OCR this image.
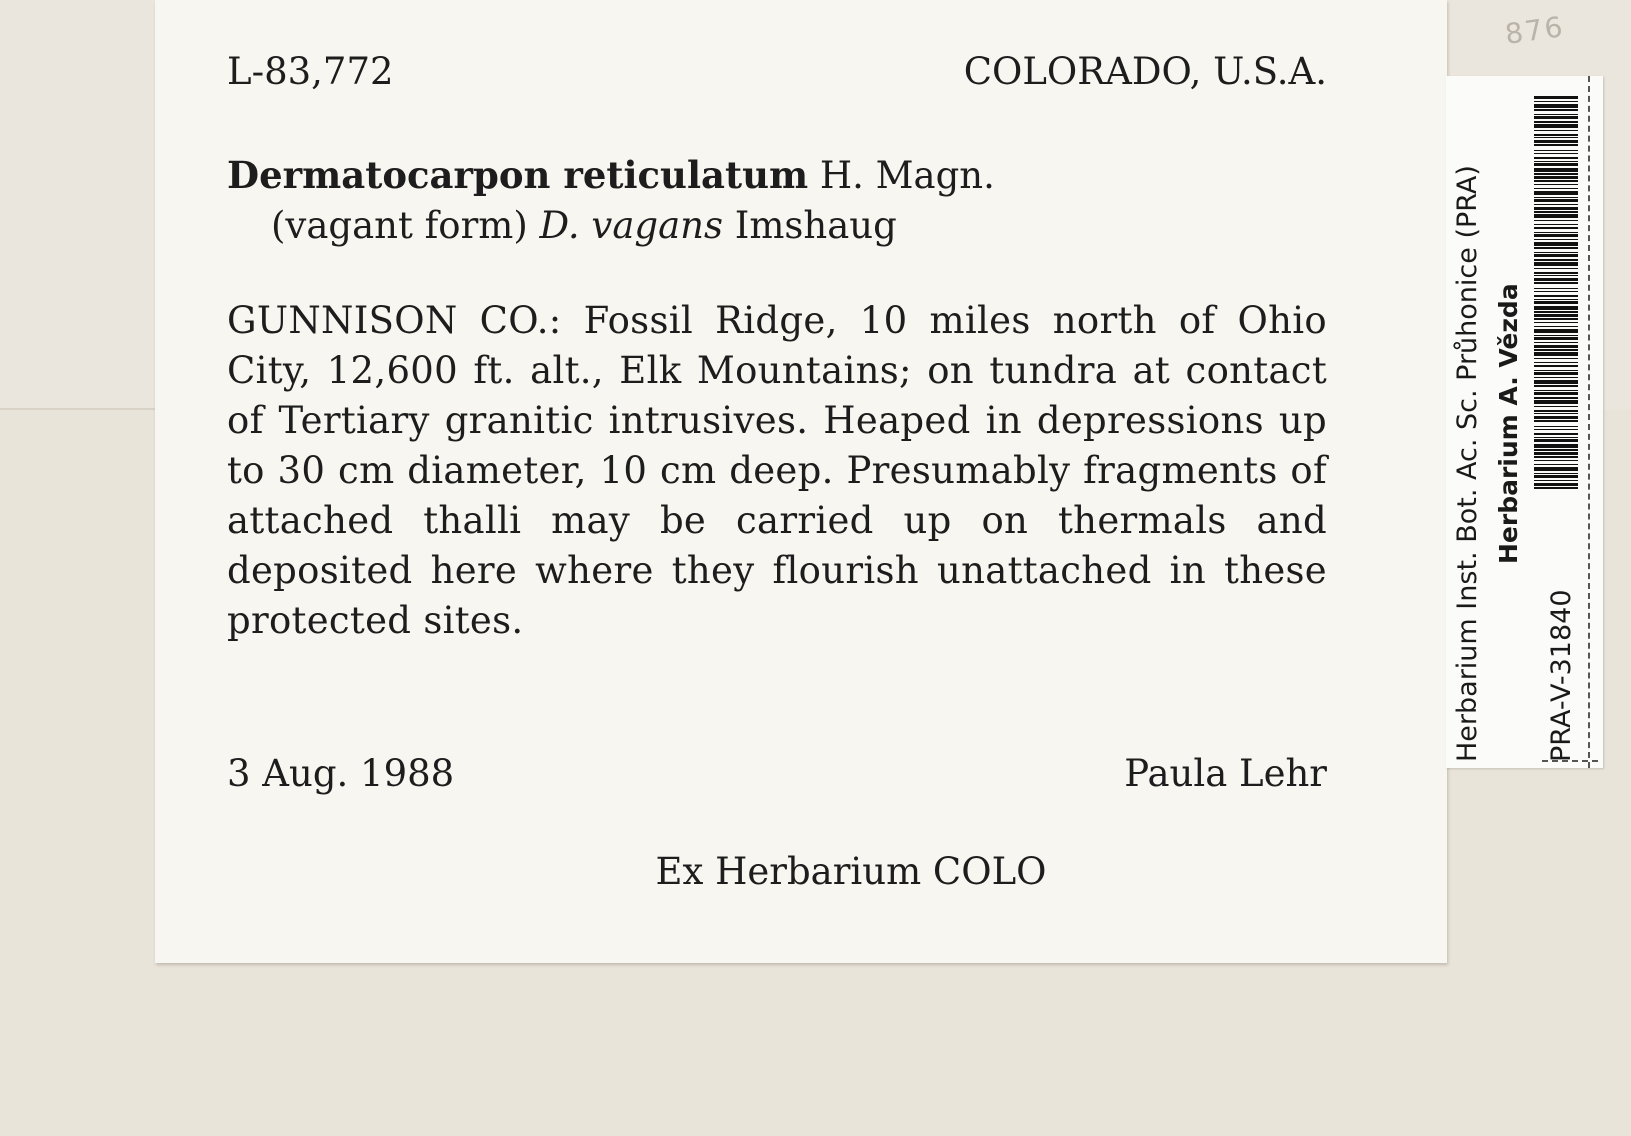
876
L-83,772	COLORADO, U.S.A.
Dermatocarpon reticulatum H. Magn.
(vagant form) D. vagans Imshaug
GUNNISON CO.: Fossil Ridge, 10 miles north of Ohio City, 12,600 ft. alt., Elk Mountains; on tundra at contact of Tertiary granitic intrusives. Heaped in depressions up to 30 cm diameter, 10 cm deep. Presumably fragments of attached thalli may be carried up on thermals and deposited here where they flourish unattached in these protected sites.
3 Aug. 1988	Paula Lehr
Ex Herbarium COLO
Herbarium Inst. Bot. Ac. Sc. Průhonice (PRA) Herbarium A. Vězda
PRA-V-31840
